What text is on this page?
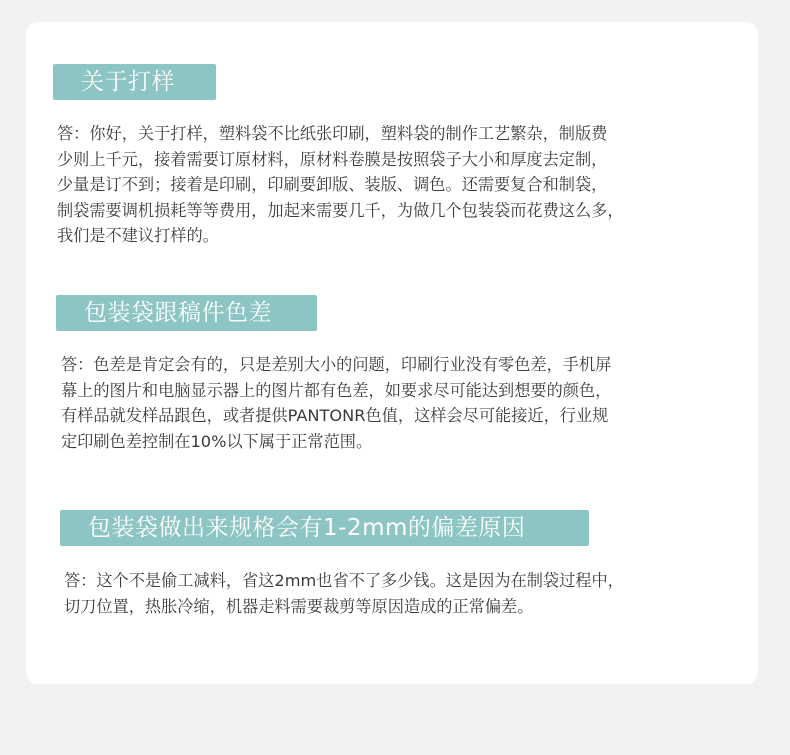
关于打样

答：你好，关于打样，塑料袋不比纸张印刷，塑料袋的制作工艺繁杂，制版费
少则上千元，接着需要订原材料，原材料卷膜是按照袋子大小和厚度去定制，
少量是订不到；接着是印刷，印刷要卸版、装版、调色。还需要复合和制袋，
制袋需要调机损耗等等费用，加起来需要几千，为做几个包装袋而花费这么多，
我们是不建议打样的。

包装袋跟稿件色差

答：色差是肯定会有的，只是差别大小的问题，印刷行业没有零色差，手机屏
幕上的图片和电脑显示器上的图片都有色差，如要求尽可能达到想要的颜色，
有样品就发样品跟色，或者提供PANTONR色值，这样会尽可能接近，行业规
定印刷色差控制在10%以下属于正常范围。

包装袋做出来规格会有1-2mm的偏差原因

答：这个不是偷工减料，省这2mm也省不了多少钱。这是因为在制袋过程中，
切刀位置，热胀冷缩，机器走料需要裁剪等原因造成的正常偏差。
